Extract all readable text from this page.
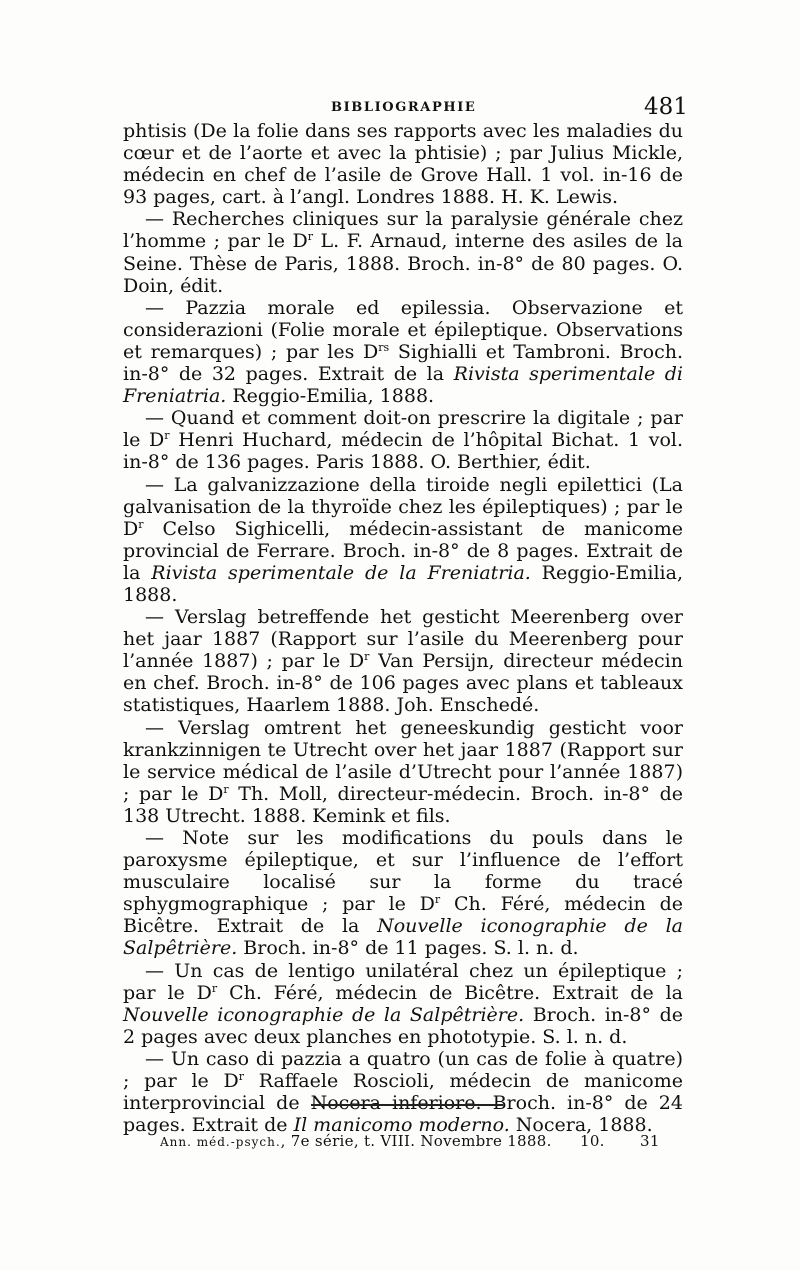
BIBLIOGRAPHIE	481

phtisis (De la folie dans ses rapports avec les maladies du cœur et de l’aorte et avec la phtisie) ; par Julius Mickle, médecin en chef de l’asile de Grove Hall. 1 vol. in-16 de 93 pages, cart. à l’angl. Londres 1888. H. K. Lewis.

— Recherches cliniques sur la paralysie générale chez l’homme ; par le $D^r$ L. F. Arnaud, interne des asiles de la Seine. Thèse de Paris, 1888. Broch. in-8° de 80 pages. O. Doin, édit.

— Pazzia morale ed epilessia. Observazione et considerazioni (Folie morale et épileptique. Observations et remarques) ; par les $D^{rs}$ Sighialli et Tambroni. Broch. in-8° de 32 pages. Extrait de la Rivista sperimentale di Freniatria. Reggio-Emilia, 1888.

— Quand et comment doit-on prescrire la digitale ; par le $D^r$ Henri Huchard, médecin de l’hôpital Bichat. 1 vol. in-8° de 136 pages. Paris 1888. O. Berthier, édit.

— La galvanizzazione della tiroide negli epilettici (La galvanisation de la thyroïde chez les épileptiques) ; par le $D^r$ Celso Sighicelli, médecin-assistant de manicome provincial de Ferrare. Broch. in-8° de 8 pages. Extrait de la Rivista sperimentale de la Freniatria. Reggio-Emilia, 1888.

— Verslag betreffende het gesticht Meerenberg over het jaar 1887 (Rapport sur l’asile du Meerenberg pour l’année 1887) ; par le $D^r$ Van Persijn, directeur médecin en chef. Broch. in-8° de 106 pages avec plans et tableaux statistiques, Haarlem 1888. Joh. Enschedé.

— Verslag omtrent het geneeskundig gesticht voor krankzinnigen te Utrecht over het jaar 1887 (Rapport sur le service médical de l’asile d’Utrecht pour l’année 1887) ; par le $D^r$ Th. Moll, directeur-médecin. Broch. in-8° de 138 Utrecht. 1888. Kemink et fils.

— Note sur les modifications du pouls dans le paroxysme épileptique, et sur l’influence de l’effort musculaire localisé sur la forme du tracé sphygmographique ; par le $D^r$ Ch. Féré, médecin de Bicêtre. Extrait de la Nouvelle iconographie de la Salpêtrière. Broch. in-8° de 11 pages. S. l. n. d.

— Un cas de lentigo unilatéral chez un épileptique ; par le $D^r$ Ch. Féré, médecin de Bicêtre. Extrait de la Nouvelle iconographie de la Salpêtrière. Broch. in-8° de 2 pages avec deux planches en phototypie. S. l. n. d.

— Un caso di pazzia a quatro (un cas de folie à quatre) ; par le $D^r$ Raffaele Roscioli, médecin de manicome interprovincial de Nocera inferiore. Broch. in-8° de 24 pages. Extrait de Il manicomo moderno. Nocera, 1888.

Ann. méd.-psych., 7e série, t. VIII. Novembre 1888. 10. 31
